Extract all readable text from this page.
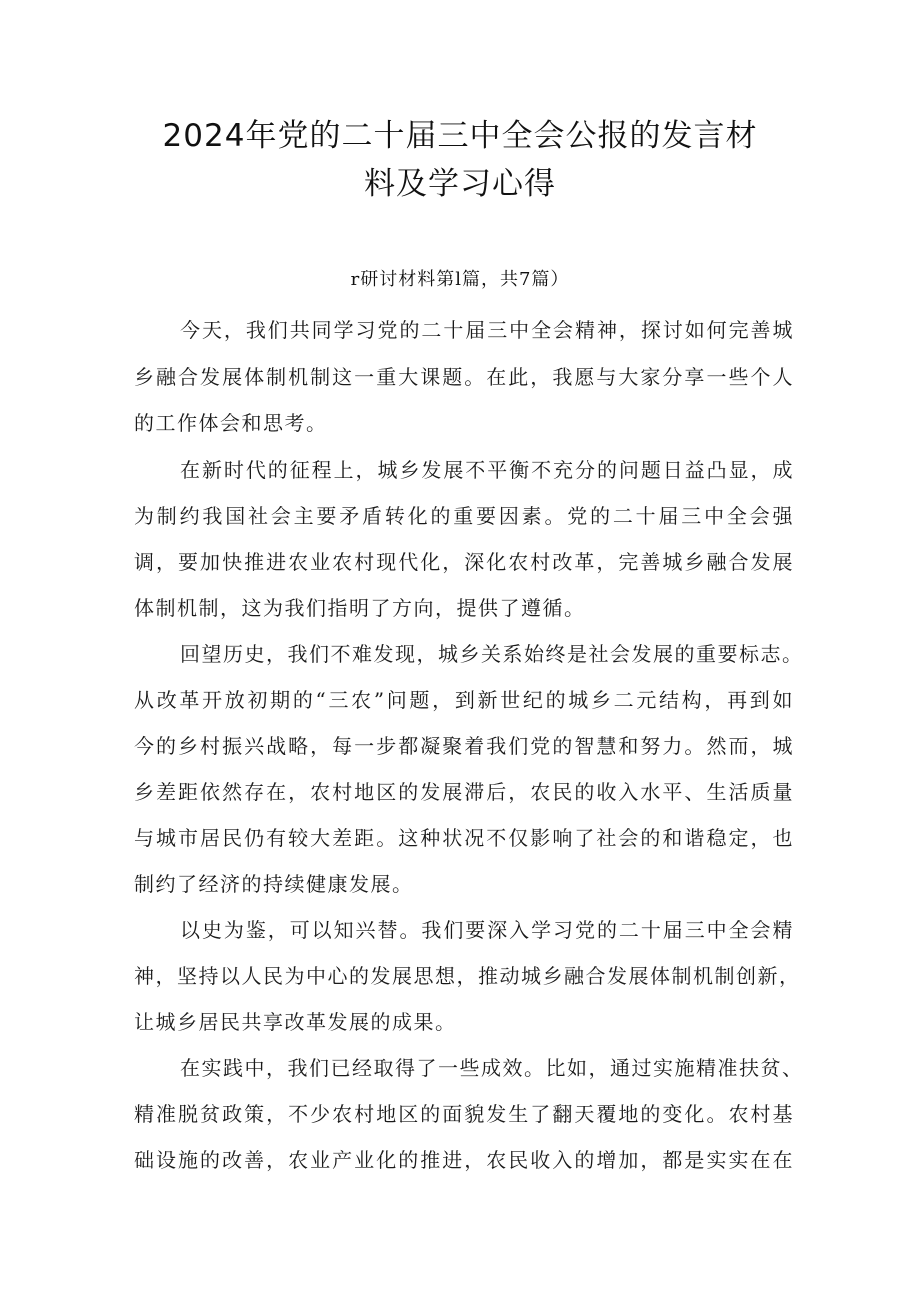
2024年党的二十届三中全会公报的发言材
料及学习心得
r研讨材料第l篇，共7篇）
今天，我们共同学习党的二十届三中全会精神，探讨如何完善城
乡融合发展体制机制这一重大课题。在此，我愿与大家分享一些个人
的工作体会和思考。
在新时代的征程上，城乡发展不平衡不充分的问题日益凸显，成
为制约我国社会主要矛盾转化的重要因素。党的二十届三中全会强
调，要加快推进农业农村现代化，深化农村改革，完善城乡融合发展
体制机制，这为我们指明了方向，提供了遵循。
回望历史，我们不难发现，城乡关系始终是社会发展的重要标志。
从改革开放初期的“三农”问题，到新世纪的城乡二元结构，再到如
今的乡村振兴战略，每一步都凝聚着我们党的智慧和努力。然而，城
乡差距依然存在，农村地区的发展滞后，农民的收入水平、生活质量
与城市居民仍有较大差距。这种状况不仅影响了社会的和谐稳定，也
制约了经济的持续健康发展。
以史为鉴，可以知兴替。我们要深入学习党的二十届三中全会精
神，坚持以人民为中心的发展思想，推动城乡融合发展体制机制创新，
让城乡居民共享改革发展的成果。
在实践中，我们已经取得了一些成效。比如，通过实施精准扶贫、
精准脱贫政策，不少农村地区的面貌发生了翻天覆地的变化。农村基
础设施的改善，农业产业化的推进，农民收入的增加，都是实实在在
